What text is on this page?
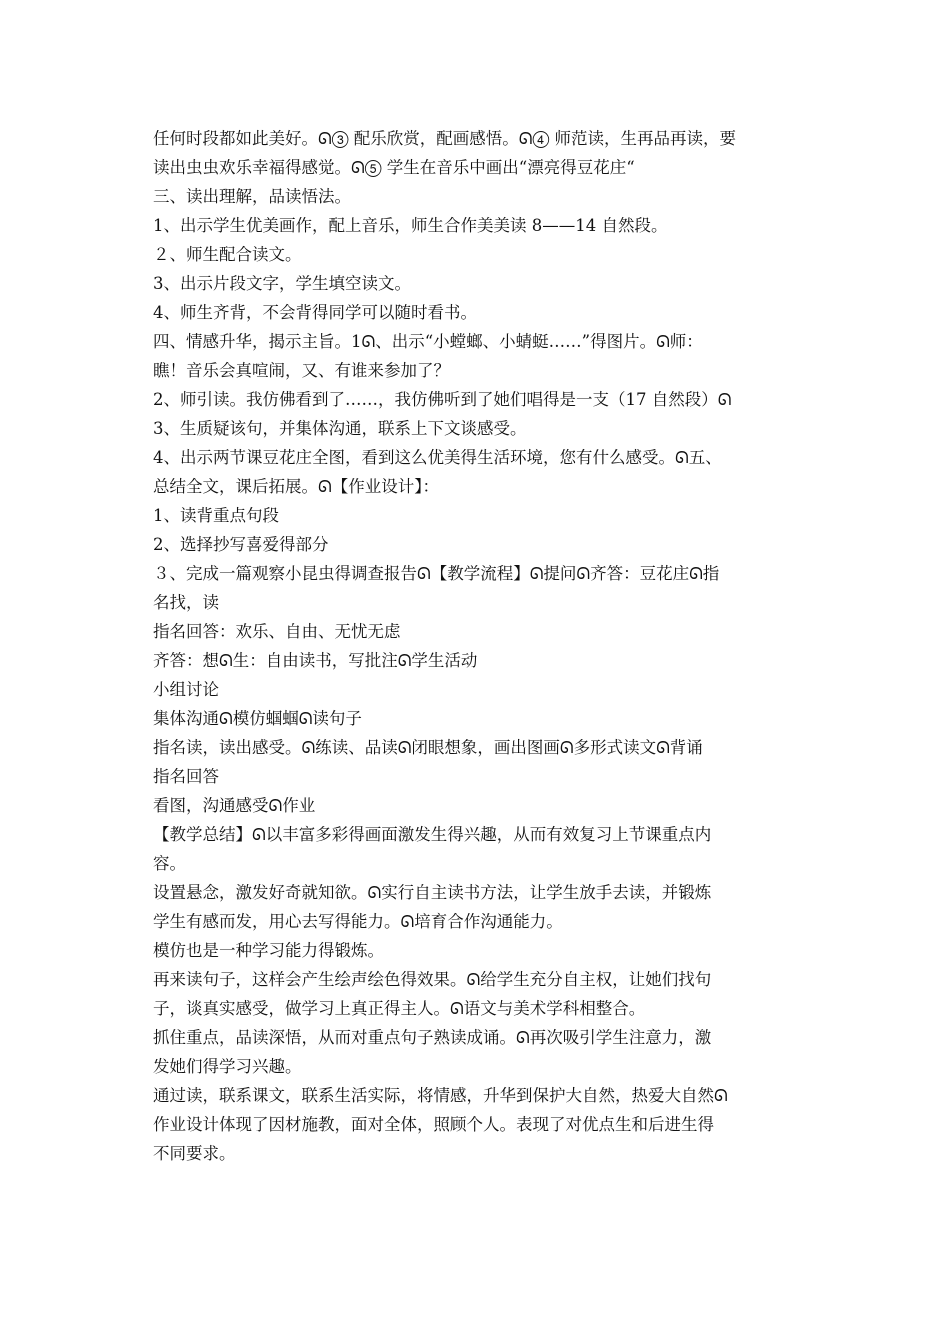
任何时段都如此美好。ᘏ③ 配乐欣赏，配画感悟。ᘏ④ 师范读，生再品再读，要
读出虫虫欢乐幸福得感觉。ᘏ⑤ 学生在音乐中画出“漂亮得豆花庄“
三、读出理解，品读悟法。
1、出示学生优美画作，配上音乐，师生合作美美读 8——14 自然段。
２、师生配合读文。
3、出示片段文字，学生填空读文。
4、师生齐背，不会背得同学可以随时看书。
四、情感升华，揭示主旨。1ᘏ、出示“小螳螂、小蜻蜓……”得图片。ᘏ师：
瞧！音乐会真喧闹，又、有谁来参加了？
2、师引读。我仿佛看到了……，我仿佛听到了她们唱得是一支（17 自然段）ᘏ
3、生质疑该句，并集体沟通，联系上下文谈感受。
4、出示两节课豆花庄全图，看到这么优美得生活环境，您有什么感受。ᘏ五、
总结全文，课后拓展。ᘏ【作业设计】：
1、读背重点句段
2、选择抄写喜爱得部分
３、完成一篇观察小昆虫得调查报告ᘏ【教学流程】ᘏ提问ᘏ齐答：豆花庄ᘏ指
名找，读
指名回答：欢乐、自由、无忧无虑
齐答：想ᘏ生：自由读书，写批注ᘏ学生活动
小组讨论
集体沟通ᘏ模仿蝈蝈ᘏ读句子
指名读，读出感受。ᘏ练读、品读ᘏ闭眼想象，画出图画ᘏ多形式读文ᘏ背诵
指名回答
看图，沟通感受ᘏ作业
【教学总结】ᘏ以丰富多彩得画面激发生得兴趣，从而有效复习上节课重点内
容。
设置悬念，激发好奇就知欲。ᘏ实行自主读书方法，让学生放手去读，并锻炼
学生有感而发，用心去写得能力。ᘏ培育合作沟通能力。
模仿也是一种学习能力得锻炼。
再来读句子，这样会产生绘声绘色得效果。ᘏ给学生充分自主权，让她们找句
子，谈真实感受，做学习上真正得主人。ᘏ语文与美术学科相整合。
抓住重点，品读深悟，从而对重点句子熟读成诵。ᘏ再次吸引学生注意力，激
发她们得学习兴趣。
通过读，联系课文，联系生活实际，将情感，升华到保护大自然，热爱大自然ᘏ
作业设计体现了因材施教，面对全体，照顾个人。表现了对优点生和后进生得
不同要求。
